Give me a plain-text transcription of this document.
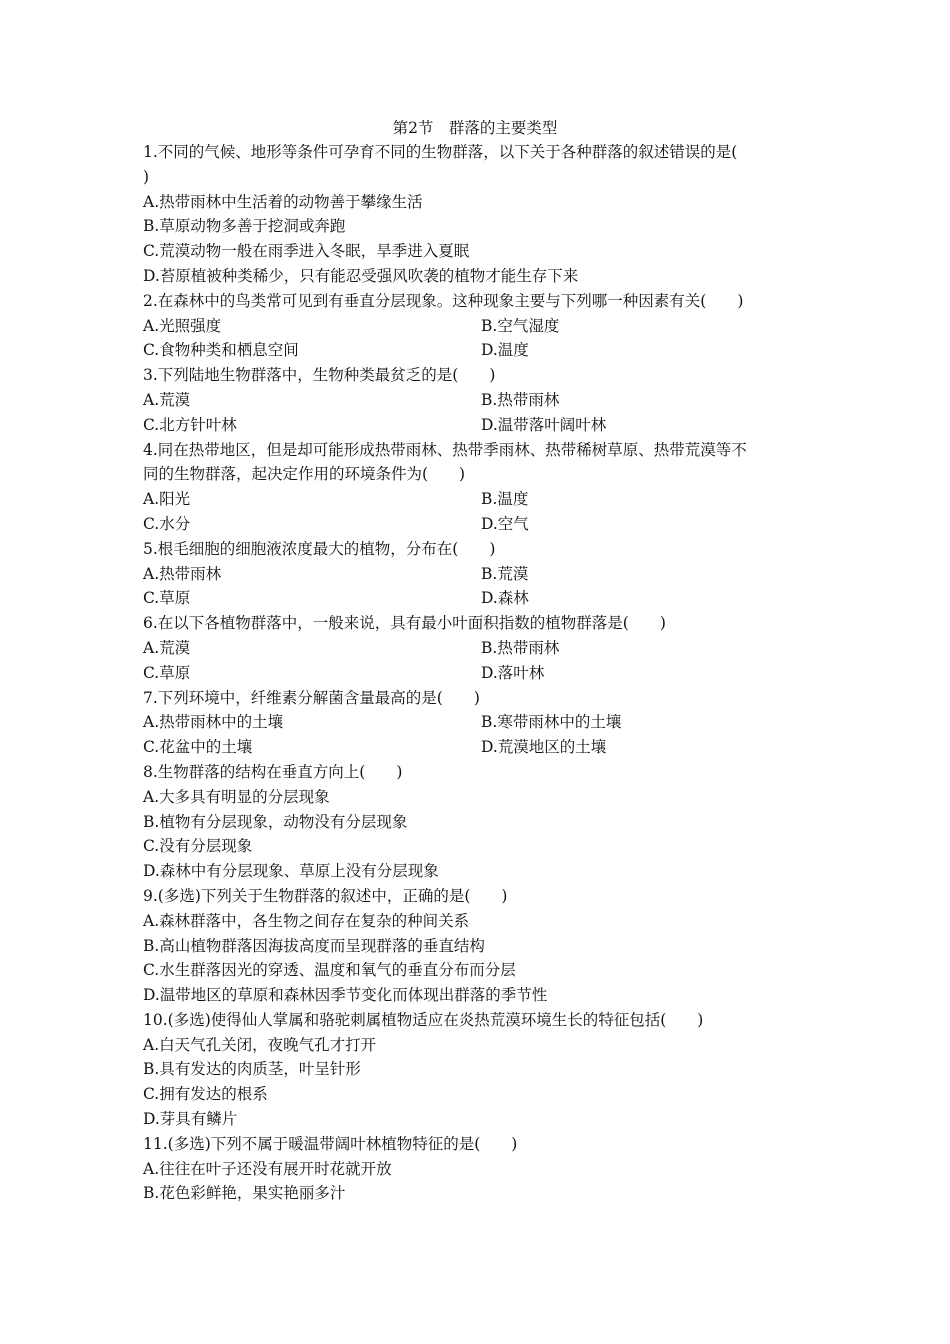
第2节　群落的主要类型
1.不同的气候、地形等条件可孕育不同的生物群落，以下关于各种群落的叙述错误的是(
)
A.热带雨林中生活着的动物善于攀缘生活
B.草原动物多善于挖洞或奔跑
C.荒漠动物一般在雨季进入冬眠，旱季进入夏眠
D.苔原植被种类稀少，只有能忍受强风吹袭的植物才能生存下来
2.在森林中的鸟类常可见到有垂直分层现象。这种现象主要与下列哪一种因素有关(　　)
A.光照强度	B.空气湿度
C.食物种类和栖息空间	D.温度
3.下列陆地生物群落中，生物种类最贫乏的是(　　)
A.荒漠	B.热带雨林
C.北方针叶林	D.温带落叶阔叶林
4.同在热带地区，但是却可能形成热带雨林、热带季雨林、热带稀树草原、热带荒漠等不
同的生物群落，起决定作用的环境条件为(　　)
A.阳光	B.温度
C.水分	D.空气
5.根毛细胞的细胞液浓度最大的植物，分布在(　　)
A.热带雨林	B.荒漠
C.草原	D.森林
6.在以下各植物群落中，一般来说，具有最小叶面积指数的植物群落是(　　)
A.荒漠	B.热带雨林
C.草原	D.落叶林
7.下列环境中，纤维素分解菌含量最高的是(　　)
A.热带雨林中的土壤	B.寒带雨林中的土壤
C.花盆中的土壤	D.荒漠地区的土壤
8.生物群落的结构在垂直方向上(　　)
A.大多具有明显的分层现象
B.植物有分层现象，动物没有分层现象
C.没有分层现象
D.森林中有分层现象、草原上没有分层现象
9.(多选)下列关于生物群落的叙述中，正确的是(　　)
A.森林群落中，各生物之间存在复杂的种间关系
B.高山植物群落因海拔高度而呈现群落的垂直结构
C.水生群落因光的穿透、温度和氧气的垂直分布而分层
D.温带地区的草原和森林因季节变化而体现出群落的季节性
10.(多选)使得仙人掌属和骆驼刺属植物适应在炎热荒漠环境生长的特征包括(　　)
A.白天气孔关闭，夜晚气孔才打开
B.具有发达的肉质茎，叶呈针形
C.拥有发达的根系
D.芽具有鳞片
11.(多选)下列不属于暖温带阔叶林植物特征的是(　　)
A.往往在叶子还没有展开时花就开放
B.花色彩鲜艳，果实艳丽多汁
